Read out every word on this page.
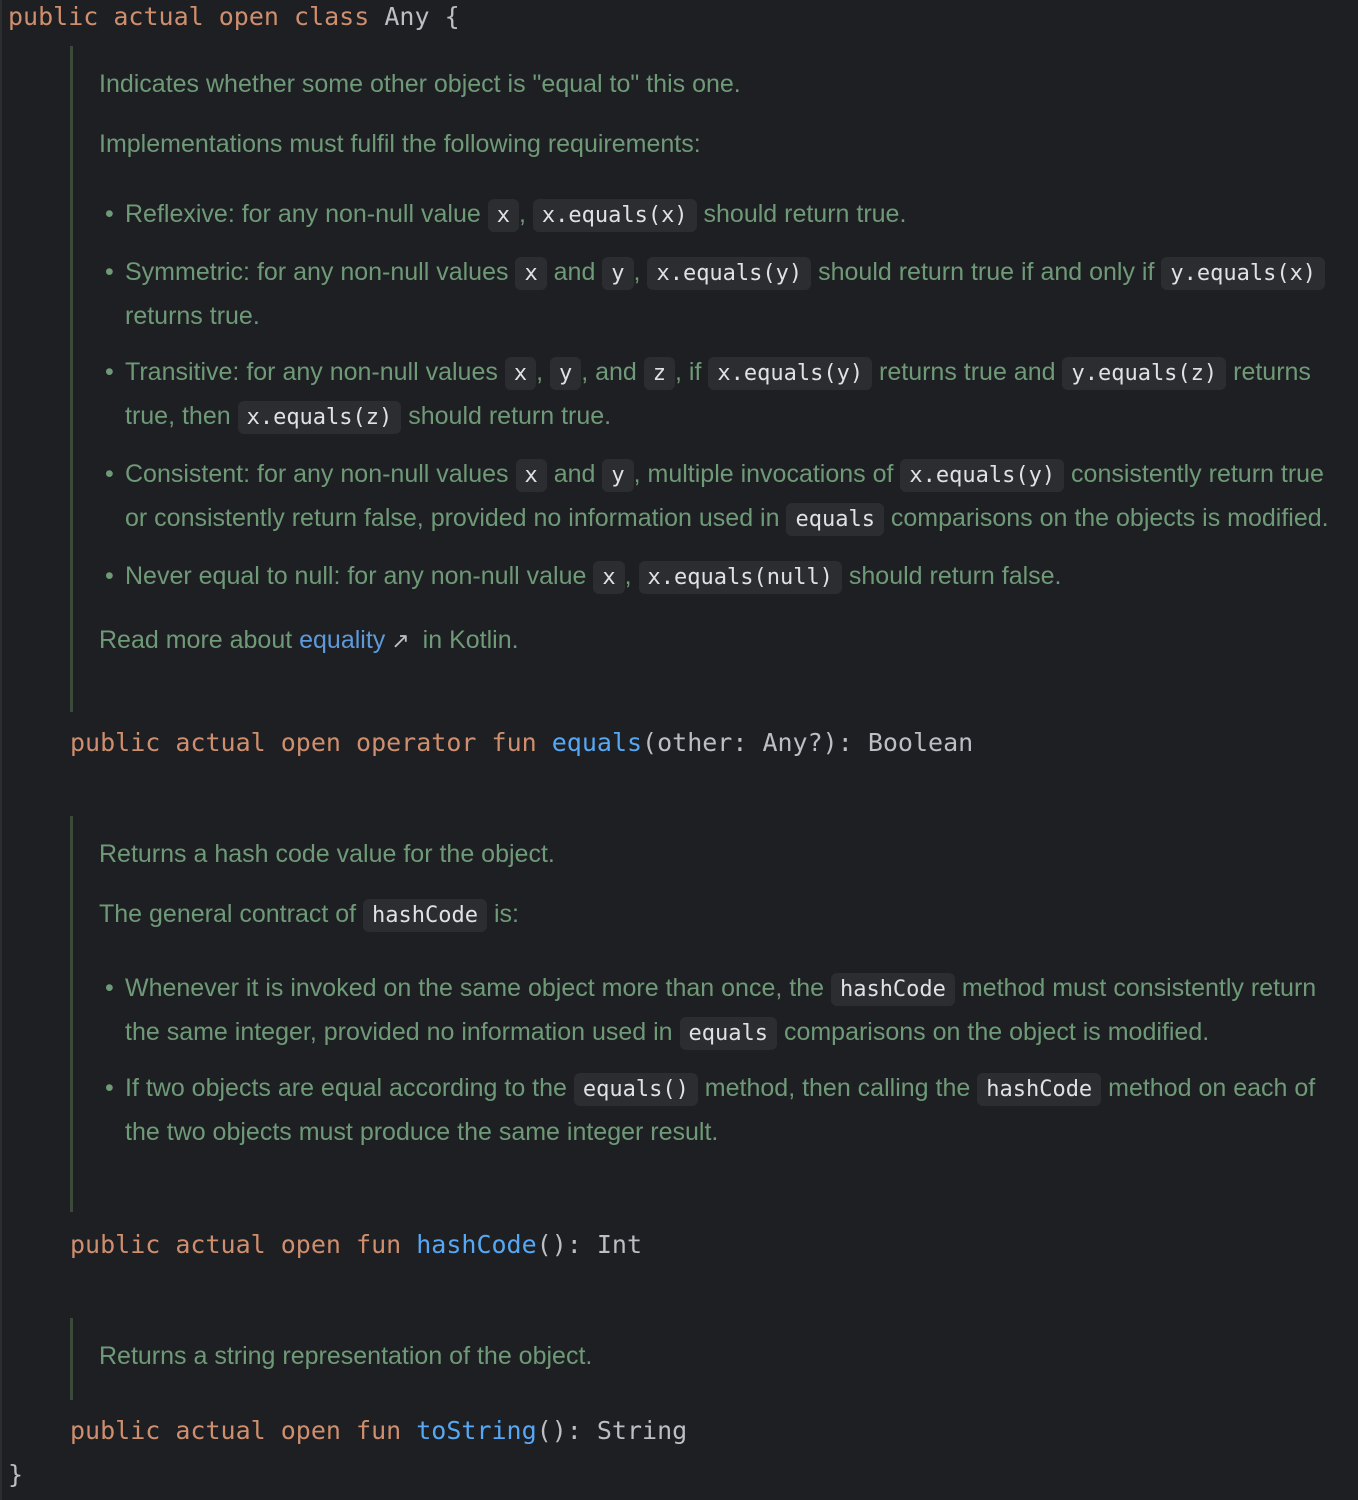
public actual open class Any {

Indicates whether some other object is "equal to" this one.

Implementations must fulfil the following requirements:

• Reflexive: for any non-null value x , x.equals(x) should return true.
• Symmetric: for any non-null values x and y , x.equals(y) should return true if and only if y.equals(x) returns true.
• Transitive: for any non-null values x , y , and z , if x.equals(y) returns true and y.equals(z) returns true, then x.equals(z) should return true.
• Consistent: for any non-null values x and y , multiple invocations of x.equals(y) consistently return true or consistently return false, provided no information used in equals comparisons on the objects is modified.
• Never equal to null: for any non-null value x , x.equals(null) should return false.

Read more about equality ↗ in Kotlin.

public actual open operator fun equals(other: Any?): Boolean

Returns a hash code value for the object.

The general contract of hashCode is:

• Whenever it is invoked on the same object more than once, the hashCode method must consistently return the same integer, provided no information used in equals comparisons on the object is modified.
• If two objects are equal according to the equals() method, then calling the hashCode method on each of the two objects must produce the same integer result.
public actual open fun hashCode(): Int

Returns a string representation of the object.

public actual open fun toString(): String
}
